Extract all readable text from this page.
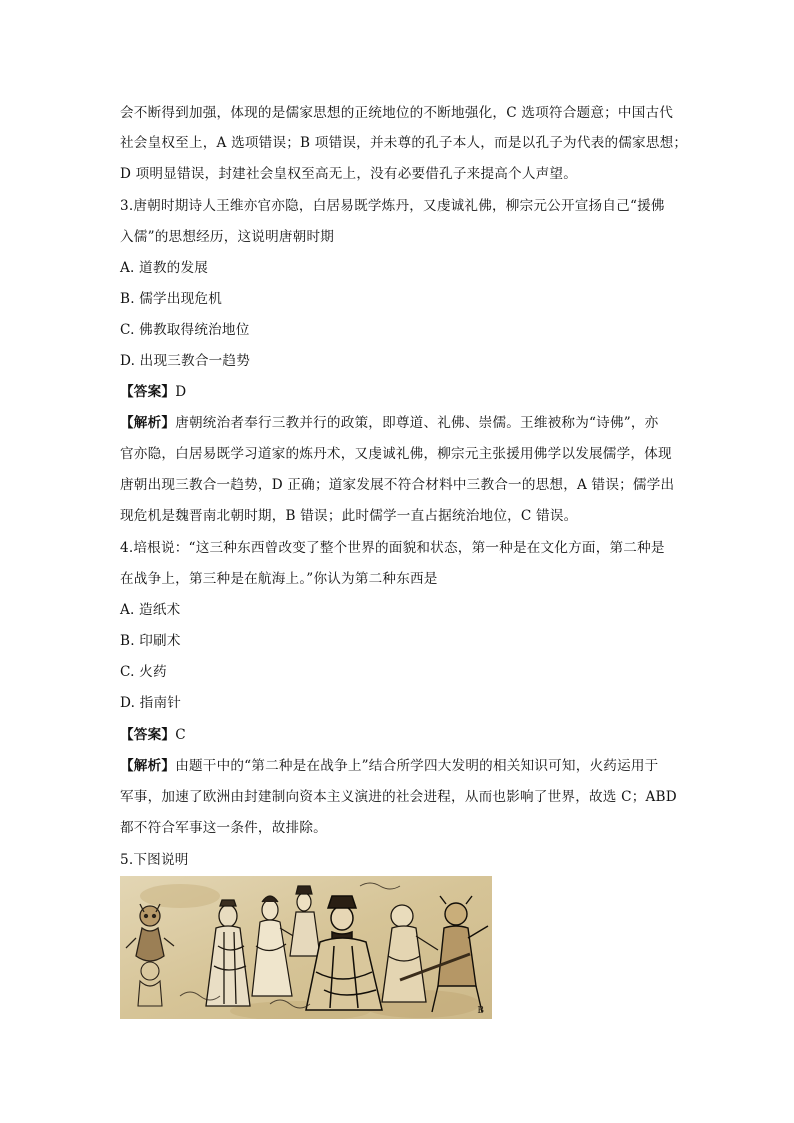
会不断得到加强，体现的是儒家思想的正统地位的不断地强化，C 选项符合题意；中国古代
社会皇权至上，A 选项错误；B 项错误，并未尊的孔子本人，而是以孔子为代表的儒家思想；
D 项明显错误，封建社会皇权至高无上，没有必要借孔子来提高个人声望。
3.唐朝时期诗人王维亦官亦隐，白居易既学炼丹，又虔诚礼佛，柳宗元公开宣扬自己“援佛
入儒”的思想经历，这说明唐朝时期
A. 道教的发展
B. 儒学出现危机
C. 佛教取得统治地位
D. 出现三教合一趋势
【答案】D
【解析】唐朝统治者奉行三教并行的政策，即尊道、礼佛、崇儒。王维被称为“诗佛”，亦
官亦隐，白居易既学习道家的炼丹术，又虔诚礼佛，柳宗元主张援用佛学以发展儒学，体现
唐朝出现三教合一趋势，D 正确；道家发展不符合材料中三教合一的思想，A 错误；儒学出
现危机是魏晋南北朝时期，B 错误；此时儒学一直占据统治地位，C 错误。
4.培根说：“这三种东西曾改变了整个世界的面貌和状态，第一种是在文化方面，第二种是
在战争上，第三种是在航海上。”你认为第二种东西是
A. 造纸术
B. 印刷术
C. 火药
D. 指南针
【答案】C
【解析】由题干中的“第二种是在战争上”结合所学四大发明的相关知识可知，火药运用于
军事，加速了欧洲由封建制向资本主义演进的社会进程，从而也影响了世界，故选 C；ABD
都不符合军事这一条件，故排除。
5.下图说明
B
